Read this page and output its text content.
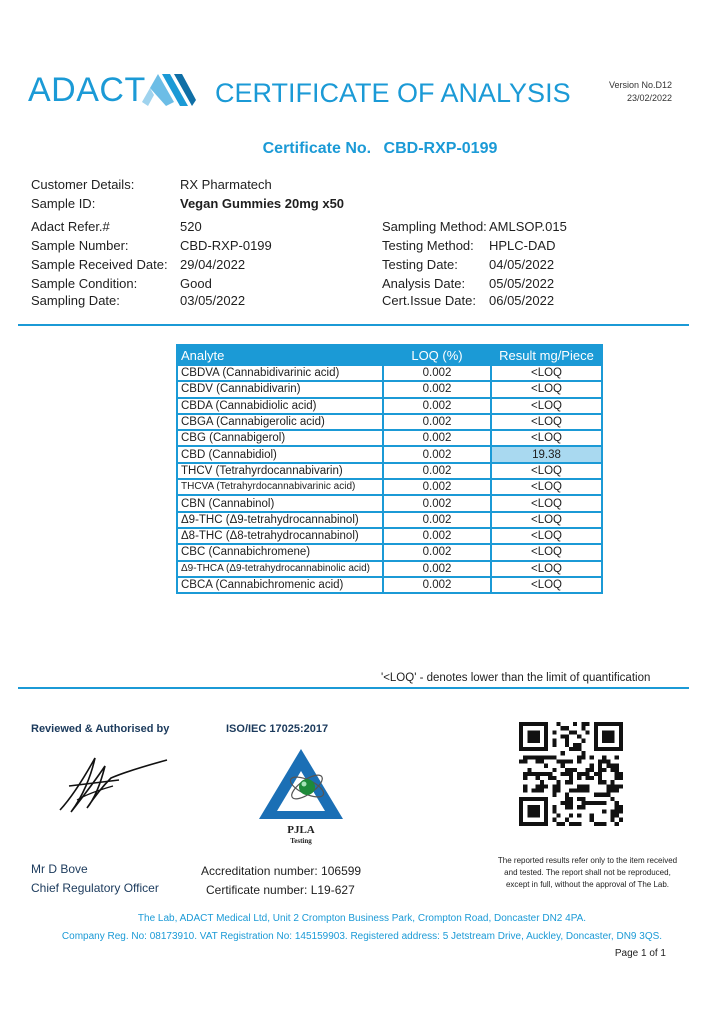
ADACT	CERTIFICATE OF ANALYSIS	Version No.D12
23/02/2022
Certificate No. CBD-RXP-0199
Customer Details:	RX Pharmatech
Sample ID:	Vegan Gummies 20mg x50
Adact Refer.#	520	Sampling Method: AMLSOP.015
Sample Number:	CBD-RXP-0199	Testing Method: HPLC-DAD
Sample Received Date: 29/04/2022	Testing Date: 04/05/2022
Sample Condition:	Good	Analysis Date: 05/05/2022
Sampling Date:	03/05/2022	Cert.Issue Date: 06/05/2022
Analyte	LOQ (%)	Result mg/Piece
CBDVA (Cannabidivarinic acid)	0.002	<LOQ
CBDV (Cannabidivarin)	0.002	<LOQ
CBDA (Cannabidiolic acid)	0.002	<LOQ
CBGA (Cannabigerolic acid)	0.002	<LOQ
CBG (Cannabigerol)	0.002	<LOQ
CBD (Cannabidiol)	0.002	19.38
THCV (Tetrahyrdocannabivarin)	0.002	<LOQ
THCVA (Tetrahyrdocannabivarinic acid)	0.002	<LOQ
CBN (Cannabinol)	0.002	<LOQ
Δ9-THC (Δ9-tetrahydrocannabinol)	0.002	<LOQ
Δ8-THC (Δ8-tetrahydrocannabinol)	0.002	<LOQ
CBC (Cannabichromene)	0.002	<LOQ
Δ9-THCA (Δ9-tetrahydrocannabinolic acid)	0.002	<LOQ
CBCA (Cannabichromenic acid)	0.002	<LOQ
'<LOQ' - denotes lower than the limit of quantification
Reviewed & Authorised by	ISO/IEC 17025:2017
PJLA
Testing
Mr D Bove
Chief Regulatory Officer
Accreditation number: 106599
Certificate number: L19-627
The reported results refer only to the item received
and tested. The report shall not be reproduced,
except in full, without the approval of The Lab.
The Lab, ADACT Medical Ltd, Unit 2 Crompton Business Park, Crompton Road, Doncaster DN2 4PA.
Company Reg. No: 08173910. VAT Registration No: 145159903. Registered address: 5 Jetstream Drive, Auckley, Doncaster, DN9 3QS.
Page 1 of 1
